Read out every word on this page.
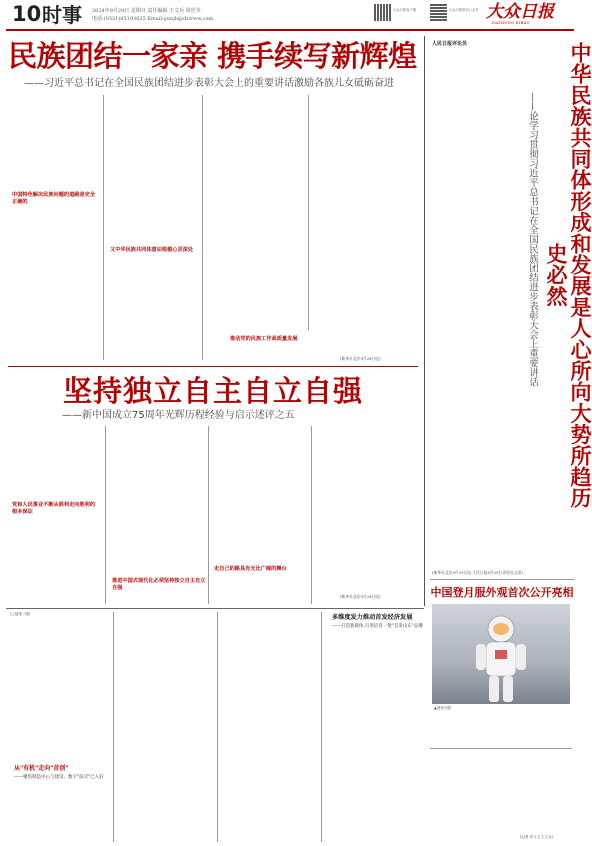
10 时事 2024年9月29日 星期日 责任编辑 王文兵 周丝莹
电话:(0531)85193635 Email:gunjb@dzwww.com
大众日报客户端	大众日报微信公众号 大众日报
DAZHONG RIBAO
民族团结一家亲 携手续写新辉煌
——习近平总书记在全国民族团结进步表彰大会上的重要讲话激励各族儿女砥砺奋进
中国特色解决民族问题的道路是完全正确的
又中华民族共同体意识根植心灵深处
推动党的民族工作高质量发展
(新华社北京9月28日电)
人民日报评论员	中华民族共同体形成和发展是人心所向大势所趋历史必然
——论学习贯彻习近平总书记在全国民族团结进步表彰大会上重要讲话
(新华社北京9月29日电 人民日报9月29日评论员文章)
中国登月服外观首次公开亮相
▲国登月服
坚持独立自主自立自强
——新中国成立75周年光辉历程经验与启示述评之五
党和人民事业不断从胜利走向胜利的根本保证
推进中国式现代化必须坚持独立自主自立自强
走自己的路具有无比广阔的舞台
(新华社北京9月28日电)
(上接第一版)
从"有机"走向"首创"
——聚焦制造中心与建设、数字"前店"已入驻
多维度发力推动首发经济发展
——打造新载体,引进培育一批"首发山东"品牌
(记者 刘飞飞 王文兵)
